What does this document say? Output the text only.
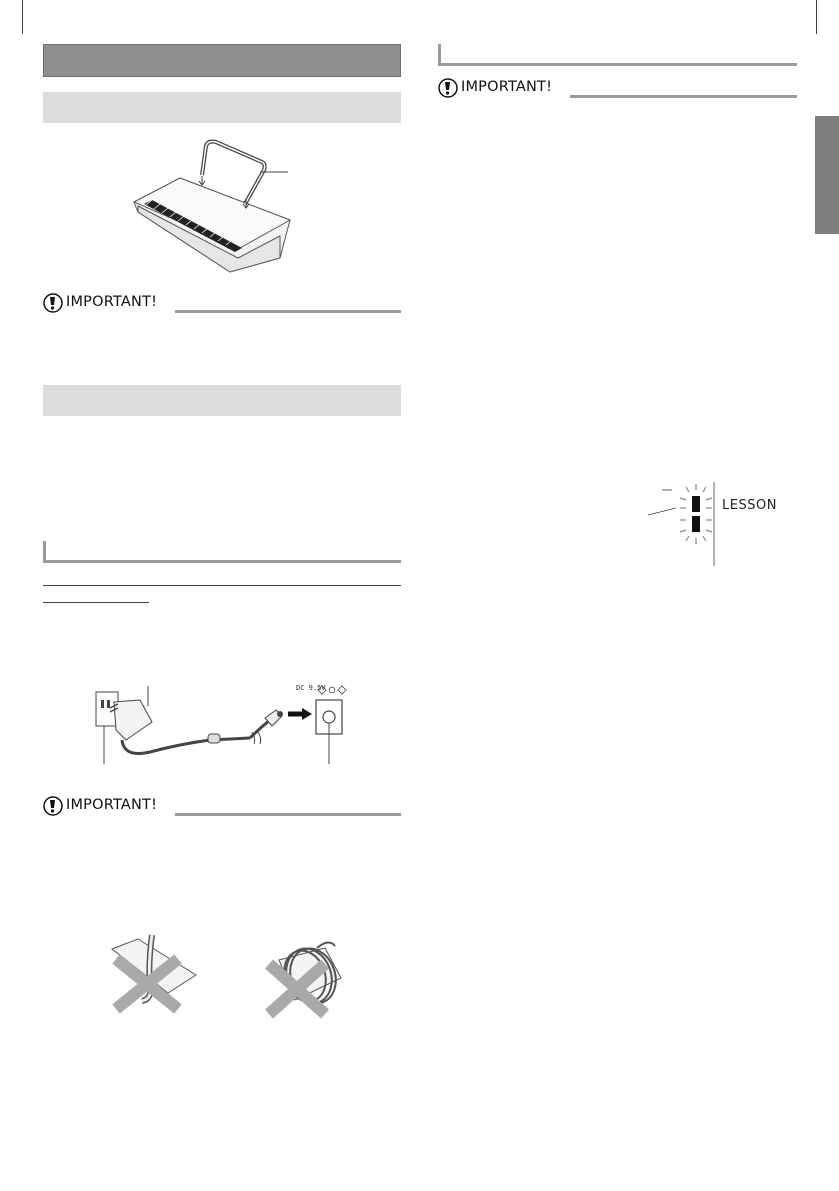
IMPORTANT!
DC 9.5V
IMPORTANT!
IMPORTANT!
LESSON
